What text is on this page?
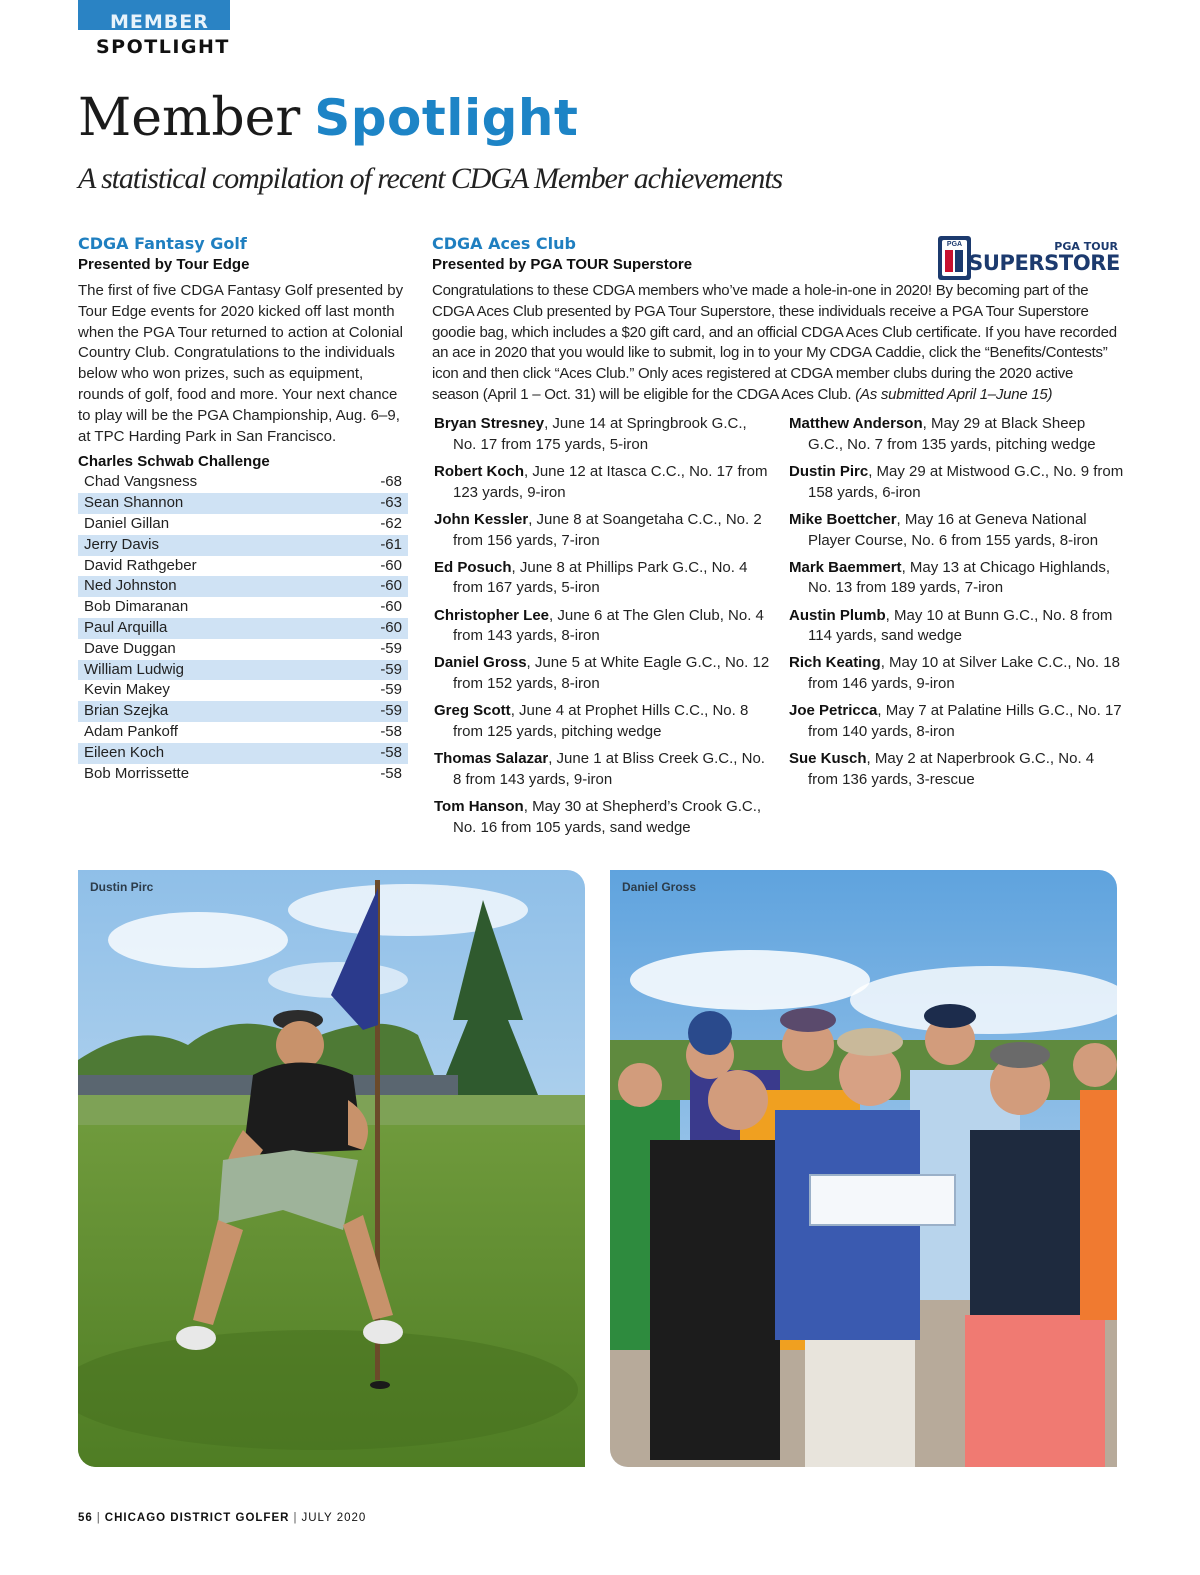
MEMBER
SPOTLIGHT
Member Spotlight
A statistical compilation of recent CDGA Member achievements
CDGA Fantasy Golf
Presented by Tour Edge

The first of five CDGA Fantasy Golf presented by Tour Edge events for 2020 kicked off last month when the PGA Tour returned to action at Colonial Country Club. Congratulations to the individuals below who won prizes, such as equipment, rounds of golf, food and more. Your next chance to play will be the PGA Championship, Aug. 6–9, at TPC Harding Park in San Francisco.

Charles Schwab Challenge
Chad Vangsness	-68
Sean Shannon	-63
Daniel Gillan	-62
Jerry Davis	-61
David Rathgeber	-60
Ned Johnston	-60
Bob Dimaranan	-60
Paul Arquilla	-60
Dave Duggan	-59
William Ludwig	-59
Kevin Makey	-59
Brian Szejka	-59
Adam Pankoff	-58
Eileen Koch	-58
Bob Morrissette	-58
CDGA Aces Club
Presented by PGA TOUR Superstore

Congratulations to these CDGA members who’ve made a hole-in-one in 2020! By becoming part of the CDGA Aces Club presented by PGA Tour Superstore, these individuals receive a PGA Tour Superstore goodie bag, which includes a $20 gift card, and an official CDGA Aces Club certificate. If you have recorded an ace in 2020 that you would like to submit, log in to your My CDGA Caddie, click the “Benefits/Contests” icon and then click “Aces Club.” Only aces registered at CDGA member clubs during the 2020 active season (April 1 – Oct. 31) will be eligible for the CDGA Aces Club. (As submitted April 1–June 15)

PGA	PGA TOUR
SUPERSTORE

Bryan Stresney, June 14 at Springbrook G.C., No. 17 from 175 yards, 5-iron

Robert Koch, June 12 at Itasca C.C., No. 17 from 123 yards, 9-iron

John Kessler, June 8 at Soangetaha C.C., No. 2 from 156 yards, 7-iron

Ed Posuch, June 8 at Phillips Park G.C., No. 4 from 167 yards, 5-iron

Christopher Lee, June 6 at The Glen Club, No. 4 from 143 yards, 8-iron

Daniel Gross, June 5 at White Eagle G.C., No. 12 from 152 yards, 8-iron

Greg Scott, June 4 at Prophet Hills C.C., No. 8 from 125 yards, pitching wedge

Thomas Salazar, June 1 at Bliss Creek G.C., No. 8 from 143 yards, 9-iron

Tom Hanson, May 30 at Shepherd’s Crook G.C., No. 16 from 105 yards, sand wedge

Matthew Anderson, May 29 at Black Sheep G.C., No. 7 from 135 yards, pitching wedge

Dustin Pirc, May 29 at Mistwood G.C., No. 9 from 158 yards, 6-iron

Mike Boettcher, May 16 at Geneva National Player Course, No. 6 from 155 yards, 8-iron

Mark Baemmert, May 13 at Chicago Highlands, No. 13 from 189 yards, 7-iron

Austin Plumb, May 10 at Bunn G.C., No. 8 from 114 yards, sand wedge

Rich Keating, May 10 at Silver Lake C.C., No. 18 from 146 yards, 9-iron

Joe Petricca, May 7 at Palatine Hills G.C., No. 17 from 140 yards, 8-iron

Sue Kusch, May 2 at Naperbrook G.C., No. 4 from 136 yards, 3-rescue

Dustin Pirc	Daniel Gross
56 | CHICAGO DISTRICT GOLFER | JULY 2020
